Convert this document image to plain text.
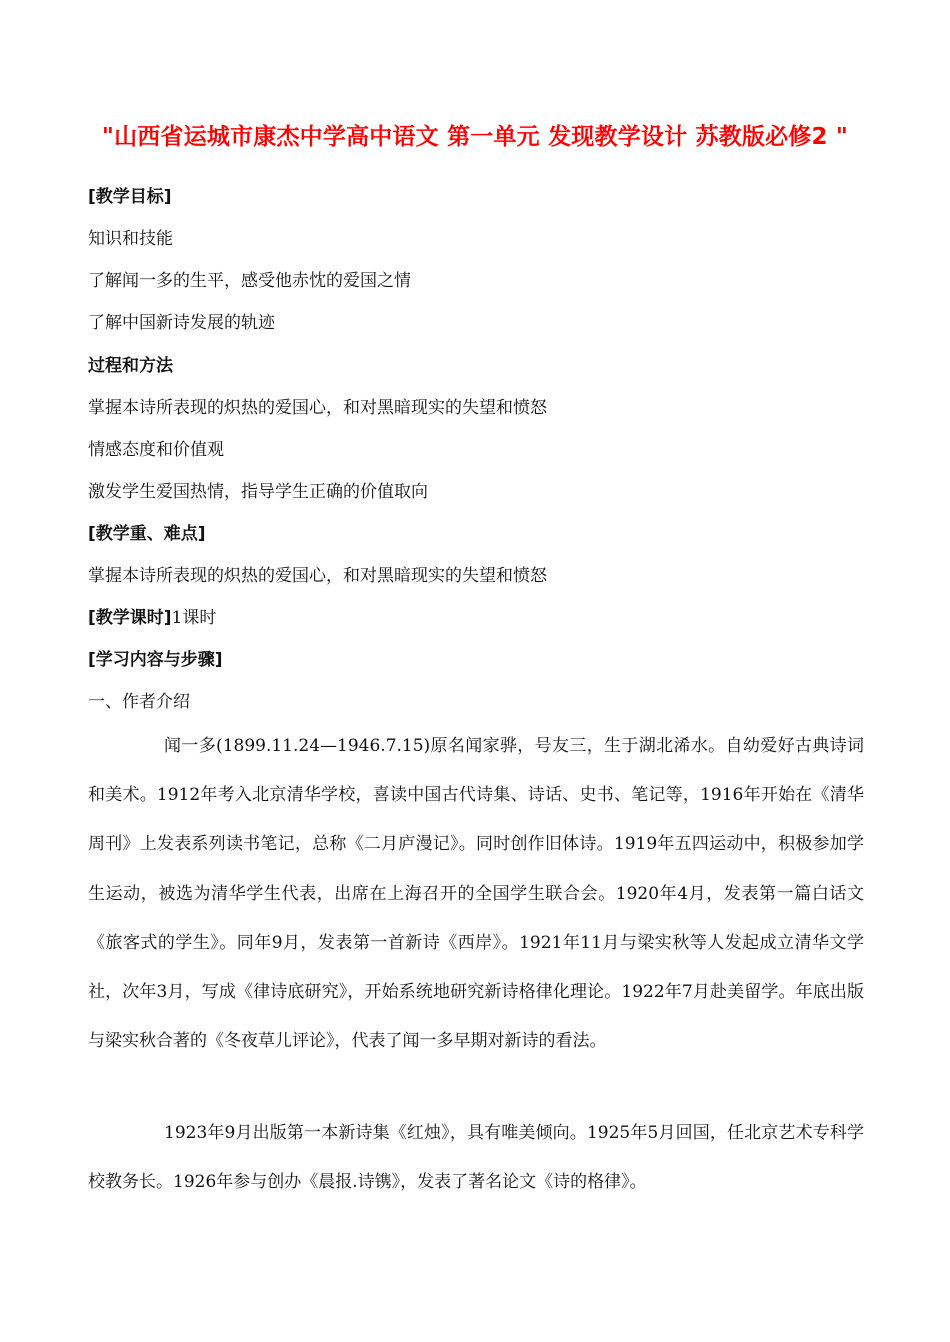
"山西省运城市康杰中学高中语文 第一单元 发现教学设计 苏教版必修2 "
[教学目标]
知识和技能
了解闻一多的生平，感受他赤忱的爱国之情
了解中国新诗发展的轨迹
过程和方法
掌握本诗所表现的炽热的爱国心，和对黑暗现实的失望和愤怒
情感态度和价值观
激发学生爱国热情，指导学生正确的价值取向
[教学重、难点]
掌握本诗所表现的炽热的爱国心，和对黑暗现实的失望和愤怒
[教学课时]1课时
[学习内容与步骤]
一、作者介绍

闻一多(1899.11.24—1946.7.15)原名闻家骅，号友三，生于湖北浠水。自幼爱好古典诗词和美术。1912年考入北京清华学校，喜读中国古代诗集、诗话、史书、笔记等，1916年开始在《清华周刊》上发表系列读书笔记，总称《二月庐漫记》。同时创作旧体诗。1919年五四运动中，积极参加学生运动，被选为清华学生代表，出席在上海召开的全国学生联合会。1920年4月，发表第一篇白话文《旅客式的学生》。同年9月，发表第一首新诗《西岸》。1921年11月与梁实秋等人发起成立清华文学社，次年3月，写成《律诗底研究》，开始系统地研究新诗格律化理论。1922年7月赴美留学。年底出版与梁实秋合著的《冬夜草儿评论》，代表了闻一多早期对新诗的看法。

1923年9月出版第一本新诗集《红烛》，具有唯美倾向。1925年5月回国，任北京艺术专科学校教务长。1926年参与创办《晨报.诗镌》，发表了著名论文《诗的格律》。
